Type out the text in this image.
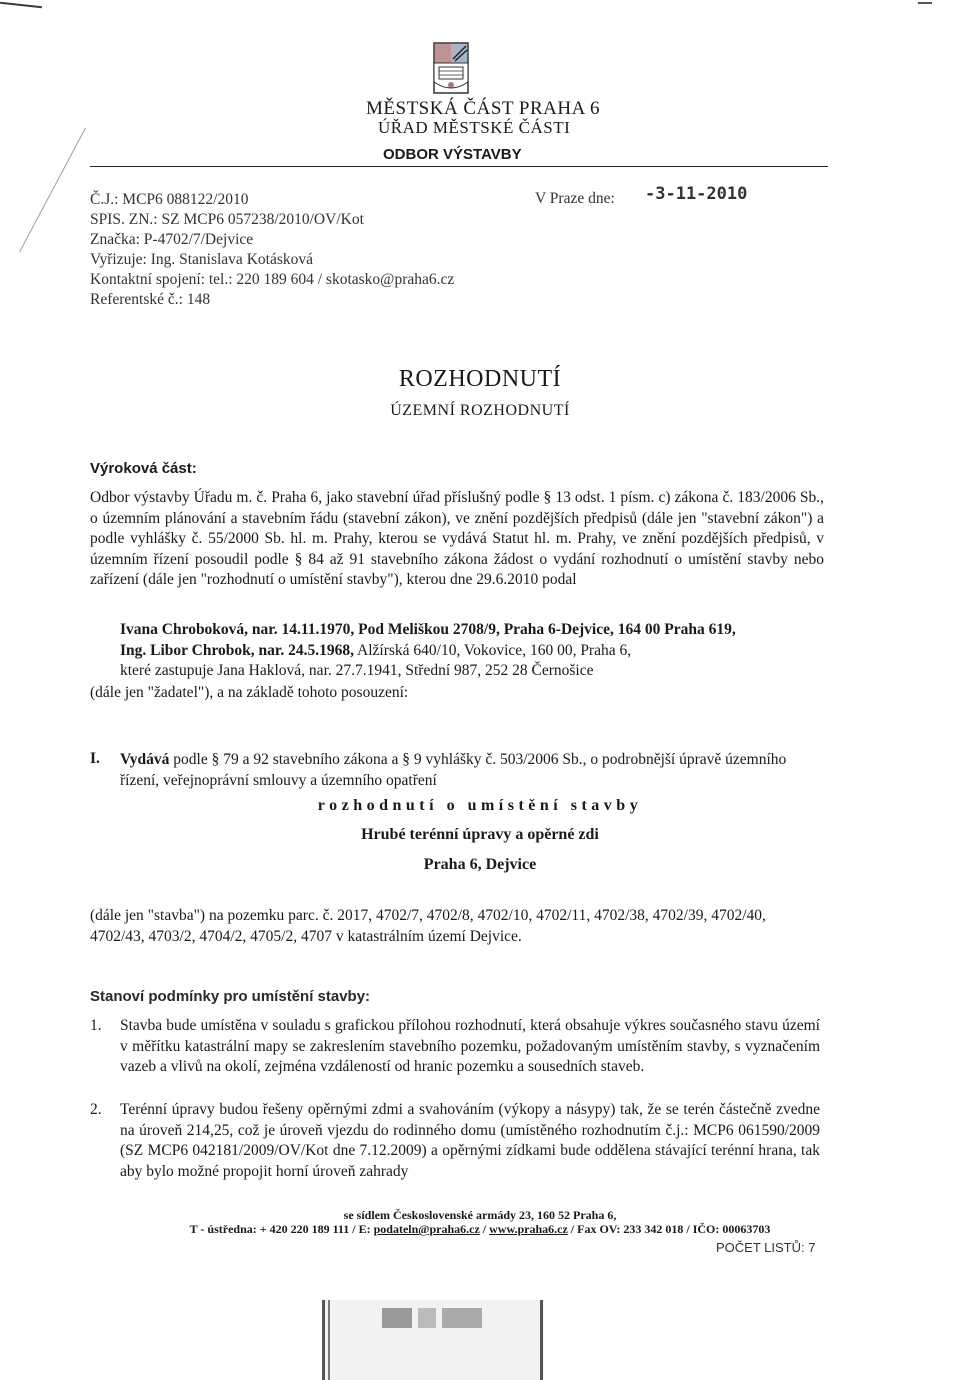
MĚSTSKÁ ČÁST PRAHA 6
ÚŘAD MĚSTSKÉ ČÁSTI
ODBOR VÝSTAVBY
Č.J.: MCP6 088122/2010
SPIS. ZN.: SZ MCP6 057238/2010/OV/Kot
Značka: P-4702/7/Dejvice
Vyřizuje: Ing. Stanislava Kotásková
Kontaktní spojení: tel.: 220 189 604 / skotasko@praha6.cz
Referentské č.: 148
V Praze dne: -3-11-2010
ROZHODNUTÍ
ÚZEMNÍ ROZHODNUTÍ
Výroková část:
Odbor výstavby Úřadu m. č. Praha 6, jako stavební úřad příslušný podle § 13 odst. 1 písm. c) zákona č. 183/2006 Sb., o územním plánování a stavebním řádu (stavební zákon), ve znění pozdějších předpisů (dále jen "stavební zákon") a podle vyhlášky č. 55/2000 Sb. hl. m. Prahy, kterou se vydává Statut hl. m. Prahy, ve znění pozdějších předpisů, v územním řízení posoudil podle § 84 až 91 stavebního zákona žádost o vydání rozhodnutí o umístění stavby nebo zařízení (dále jen "rozhodnutí o umístění stavby"), kterou dne 29.6.2010 podal
Ivana Chroboková, nar. 14.11.1970, Pod Meliškou 2708/9, Praha 6-Dejvice, 164 00 Praha 619,
Ing. Libor Chrobok, nar. 24.5.1968, Alžírská 640/10, Vokovice, 160 00, Praha 6,
které zastupuje Jana Haklová, nar. 27.7.1941, Střední 987, 252 28 Černošice
(dále jen "žadatel"), a na základě tohoto posouzení:
I. Vydává podle § 79 a 92 stavebního zákona a § 9 vyhlášky č. 503/2006 Sb., o podrobnější úpravě územního řízení, veřejnoprávní smlouvy a územního opatření
rozhodnutí o umístění stavby
Hrubé terénní úpravy a opěrné zdi
Praha 6, Dejvice
(dále jen "stavba") na pozemku parc. č. 2017, 4702/7, 4702/8, 4702/10, 4702/11, 4702/38, 4702/39, 4702/40, 4702/43, 4703/2, 4704/2, 4705/2, 4707 v katastrálním území Dejvice.
Stanoví podmínky pro umístění stavby:
1. Stavba bude umístěna v souladu s grafickou přílohou rozhodnutí, která obsahuje výkres současného stavu území v měřítku katastrální mapy se zakreslením stavebního pozemku, požadovaným umístěním stavby, s vyznačením vazeb a vlivů na okolí, zejména vzdáleností od hranic pozemku a sousedních staveb.
2. Terénní úpravy budou řešeny opěrnými zdmi a svahováním (výkopy a násypy) tak, že se terén částečně zvedne na úroveň 214,25, což je úroveň vjezdu do rodinného domu (umístěného rozhodnutím č.j.: MCP6 061590/2009 (SZ MCP6 042181/2009/OV/Kot dne 7.12.2009) a opěrnými zídkami bude oddělena stávající terénní hrana, tak aby bylo možné propojit horní úroveň zahrady
se sídlem Československé armády 23, 160 52 Praha 6,
T - ústředna: + 420 220 189 111 / E: podateln@praha6.cz / www.praha6.cz / Fax OV: 233 342 018 / IČO: 00063703
POČET LISTŮ: 7
